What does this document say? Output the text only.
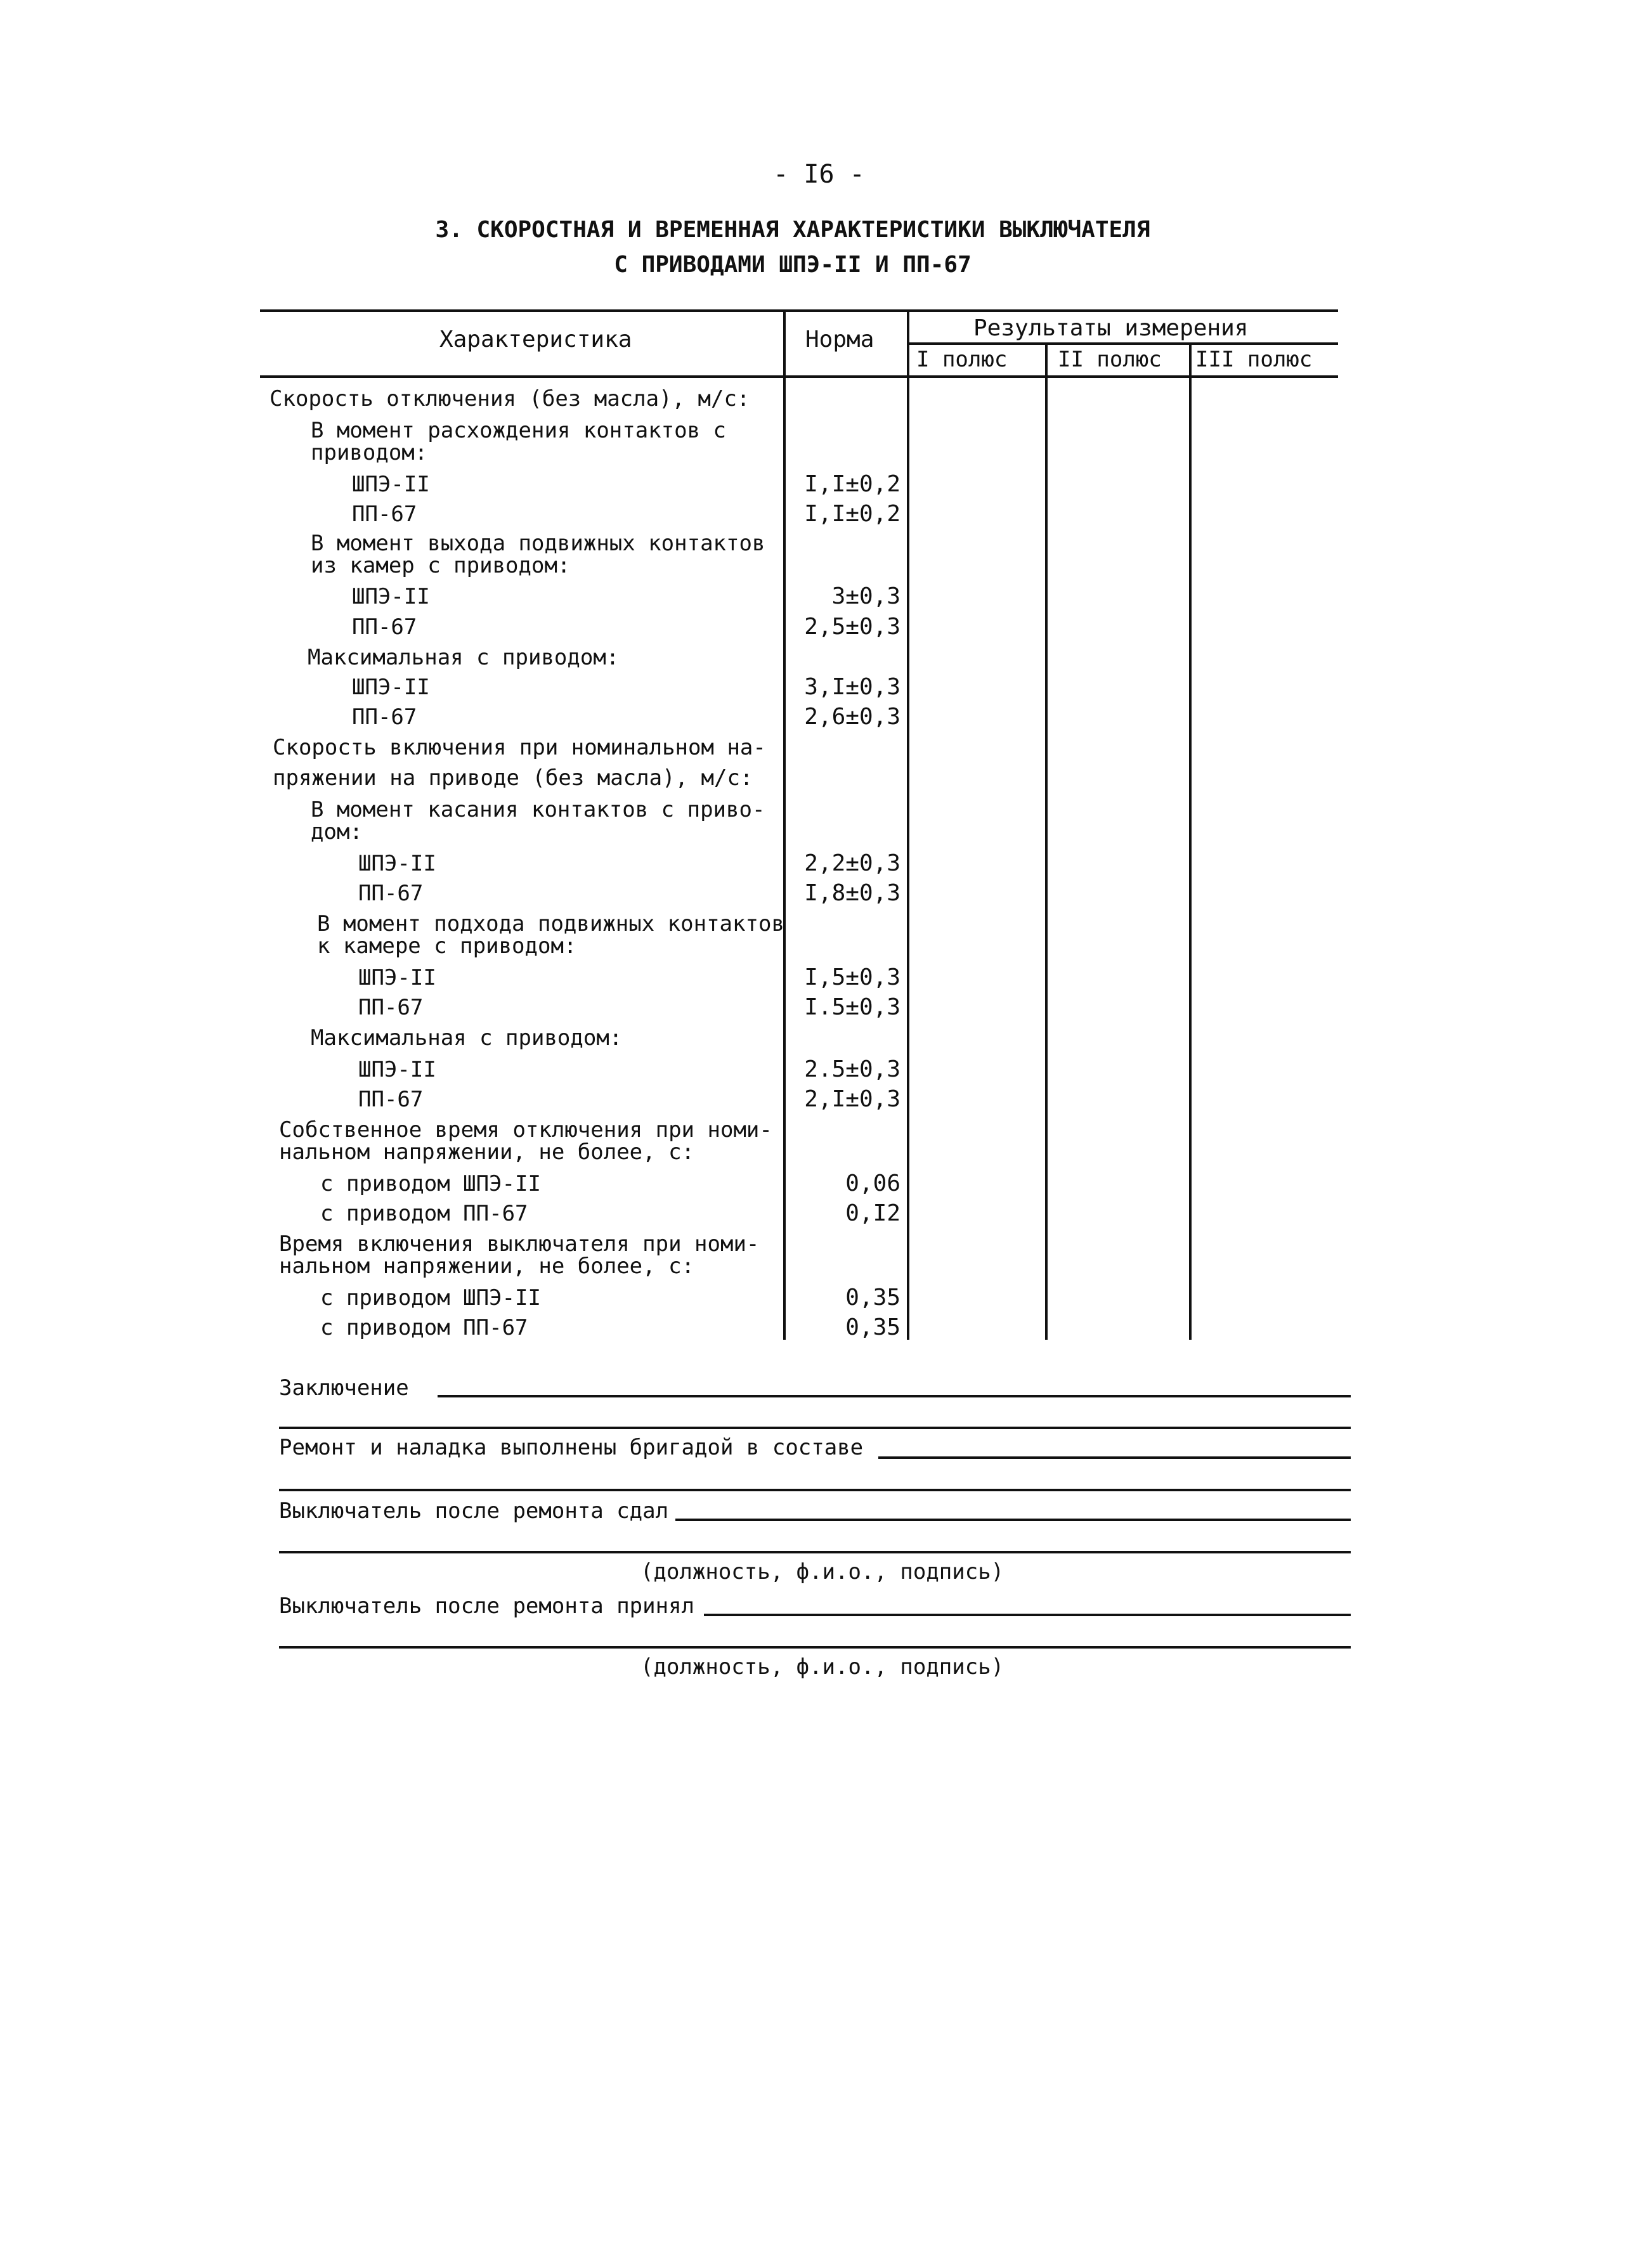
- I6 -
3. СКОРОСТНАЯ И ВРЕМЕННАЯ ХАРАКТЕРИСТИКИ ВЫКЛЮЧАТЕЛЯ
С ПРИВОДАМИ ШПЭ-II И ПП-67
Характеристика	Норма	Результаты измерения
I полюс II полюс III полюс
Скорость отключения (без масла), м/с:
В момент расхождения контактов с
приводом:
ШПЭ-II	I,I±0,2
ПП-67	I,I±0,2
В момент выхода подвижных контактов
из камер с приводом:
ШПЭ-II	3±0,3
ПП-67	2,5±0,3
Максимальная с приводом:
ШПЭ-II	3,I±0,3
ПП-67	2,6±0,3
Скорость включения при номинальном на-
пряжении на приводе (без масла), м/с:
В момент касания контактов с приво-
дом:
ШПЭ-II	2,2±0,3
ПП-67	I,8±0,3
В момент подхода подвижных контактов
к камере с приводом:
ШПЭ-II	I,5±0,3
ПП-67	I.5±0,3
Максимальная с приводом:
ШПЭ-II	2.5±0,3
ПП-67	2,I±0,3
Собственное время отключения при номи-
нальном напряжении, не более, с:
с приводом ШПЭ-II	0,06
с приводом ПП-67	0,I2
Время включения выключателя при номи-
нальном напряжении, не более, с:
с приводом ШПЭ-II	0,35
с приводом ПП-67	0,35
Заключение
Ремонт и наладка выполнены бригадой в составе
Выключатель после ремонта сдал
(должность, ф.и.о., подпись)
Выключатель после ремонта принял
(должность, ф.и.о., подпись)
